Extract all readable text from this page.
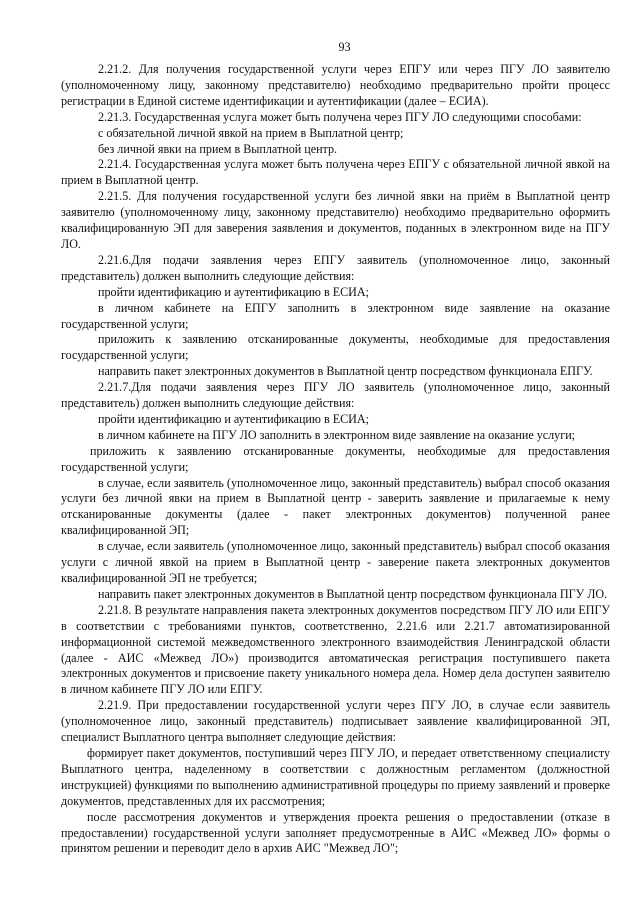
93

2.21.2. Для получения государственной услуги через ЕПГУ или через ПГУ ЛО заявителю (уполномоченному лицу, законному представителю) необходимо предварительно пройти процесс регистрации в Единой системе идентификации и аутентификации (далее – ЕСИА).

2.21.3. Государственная услуга может быть получена через ПГУ ЛО следующими способами:

с обязательной личной явкой на прием в Выплатной центр;

без личной явки на прием в Выплатной центр.

2.21.4. Государственная услуга может быть получена через ЕПГУ с обязательной личной явкой на прием в Выплатной центр.

2.21.5. Для получения государственной услуги без личной явки на приём в Выплатной центр заявителю (уполномоченному лицу, законному представителю) необходимо предварительно оформить квалифицированную ЭП для заверения заявления и документов, поданных в электронном виде на ПГУ ЛО.

2.21.6.Для подачи заявления через ЕПГУ заявитель (уполномоченное лицо, законный представитель) должен выполнить следующие действия:

пройти идентификацию и аутентификацию в ЕСИА;

в личном кабинете на ЕПГУ заполнить в электронном виде заявление на оказание государственной услуги;

приложить к заявлению отсканированные документы, необходимые для предоставления государственной услуги;

направить пакет электронных документов в Выплатной центр посредством функционала ЕПГУ.

2.21.7.Для подачи заявления через ПГУ ЛО заявитель (уполномоченное лицо, законный представитель) должен выполнить следующие действия:

пройти идентификацию и аутентификацию в ЕСИА;

в личном кабинете на ПГУ ЛО заполнить в электронном виде заявление на оказание услуги;

приложить к заявлению отсканированные документы, необходимые для предоставления государственной услуги;

в случае, если заявитель (уполномоченное лицо, законный представитель) выбрал способ оказания услуги без личной явки на прием в Выплатной центр - заверить заявление и прилагаемые к нему отсканированные документы (далее - пакет электронных документов) полученной ранее квалифицированной ЭП;

в случае, если заявитель (уполномоченное лицо, законный представитель) выбрал способ оказания услуги с личной явкой на прием в Выплатной центр - заверение пакета электронных документов квалифицированной ЭП не требуется;

направить пакет электронных документов в Выплатной центр посредством функционала ПГУ ЛО.

2.21.8. В результате направления пакета электронных документов посредством ПГУ ЛО или ЕПГУ в соответствии с требованиями пунктов, соответственно, 2.21.6 или 2.21.7 автоматизированной информационной системой межведомственного электронного взаимодействия Ленинградской области (далее - АИС «Межвед ЛО») производится автоматическая регистрация поступившего пакета электронных документов и присвоение пакету уникального номера дела. Номер дела доступен заявителю в личном кабинете ПГУ ЛО или ЕПГУ.

2.21.9. При предоставлении государственной услуги через ПГУ ЛО, в случае если заявитель (уполномоченное лицо, законный представитель) подписывает заявление квалифицированной ЭП, специалист Выплатного центра выполняет следующие действия:

формирует пакет документов, поступивший через ПГУ ЛО, и передает ответственному специалисту Выплатного центра, наделенному в соответствии с должностным регламентом (должностной инструкцией) функциями по выполнению административной процедуры по приему заявлений и проверке документов, представленных для их рассмотрения;

после рассмотрения документов и утверждения проекта решения о предоставлении (отказе в предоставлении) государственной услуги заполняет предусмотренные в АИС «Межвед ЛО» формы о принятом решении и переводит дело в архив АИС "Межвед ЛО";
